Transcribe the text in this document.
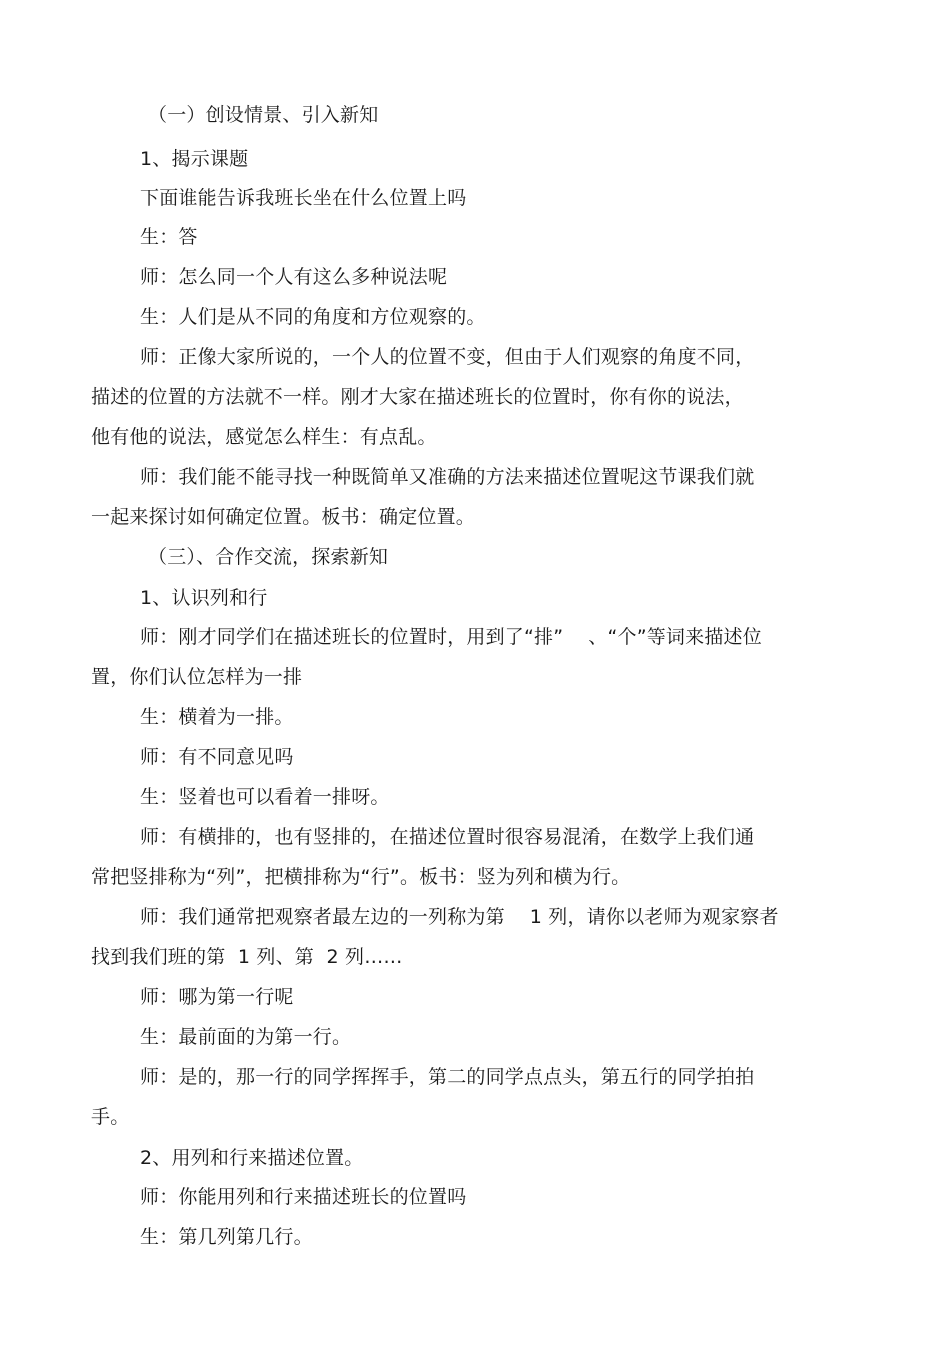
（一）创设情景、引入新知
1、揭示课题
下面谁能告诉我班长坐在什么位置上吗
生：答
师：怎么同一个人有这么多种说法呢
生：人们是从不同的角度和方位观察的。
师：正像大家所说的，一个人的位置不变，但由于人们观察的角度不同，
描述的位置的方法就不一样。刚才大家在描述班长的位置时，你有你的说法，
他有他的说法，感觉怎么样生：有点乱。
师：我们能不能寻找一种既简单又准确的方法来描述位置呢这节课我们就
一起来探讨如何确定位置。板书：确定位置。
（三）、合作交流，探索新知
1、认识列和行
师：刚才同学们在描述班长的位置时，用到了“排”    、“个”等词来描述位
置，你们认位怎样为一排
生：横着为一排。
师：有不同意见吗
生：竖着也可以看着一排呀。
师：有横排的，也有竖排的，在描述位置时很容易混淆，在数学上我们通
常把竖排称为“列”，把横排称为“行”。板书：竖为列和横为行。
师：我们通常把观察者最左边的一列称为第    1 列，请你以老师为观家察者
找到我们班的第  1 列、第  2 列……
师：哪为第一行呢
生：最前面的为第一行。
师：是的，那一行的同学挥挥手，第二的同学点点头，第五行的同学拍拍
手。
2、用列和行来描述位置。
师：你能用列和行来描述班长的位置吗
生：第几列第几行。
